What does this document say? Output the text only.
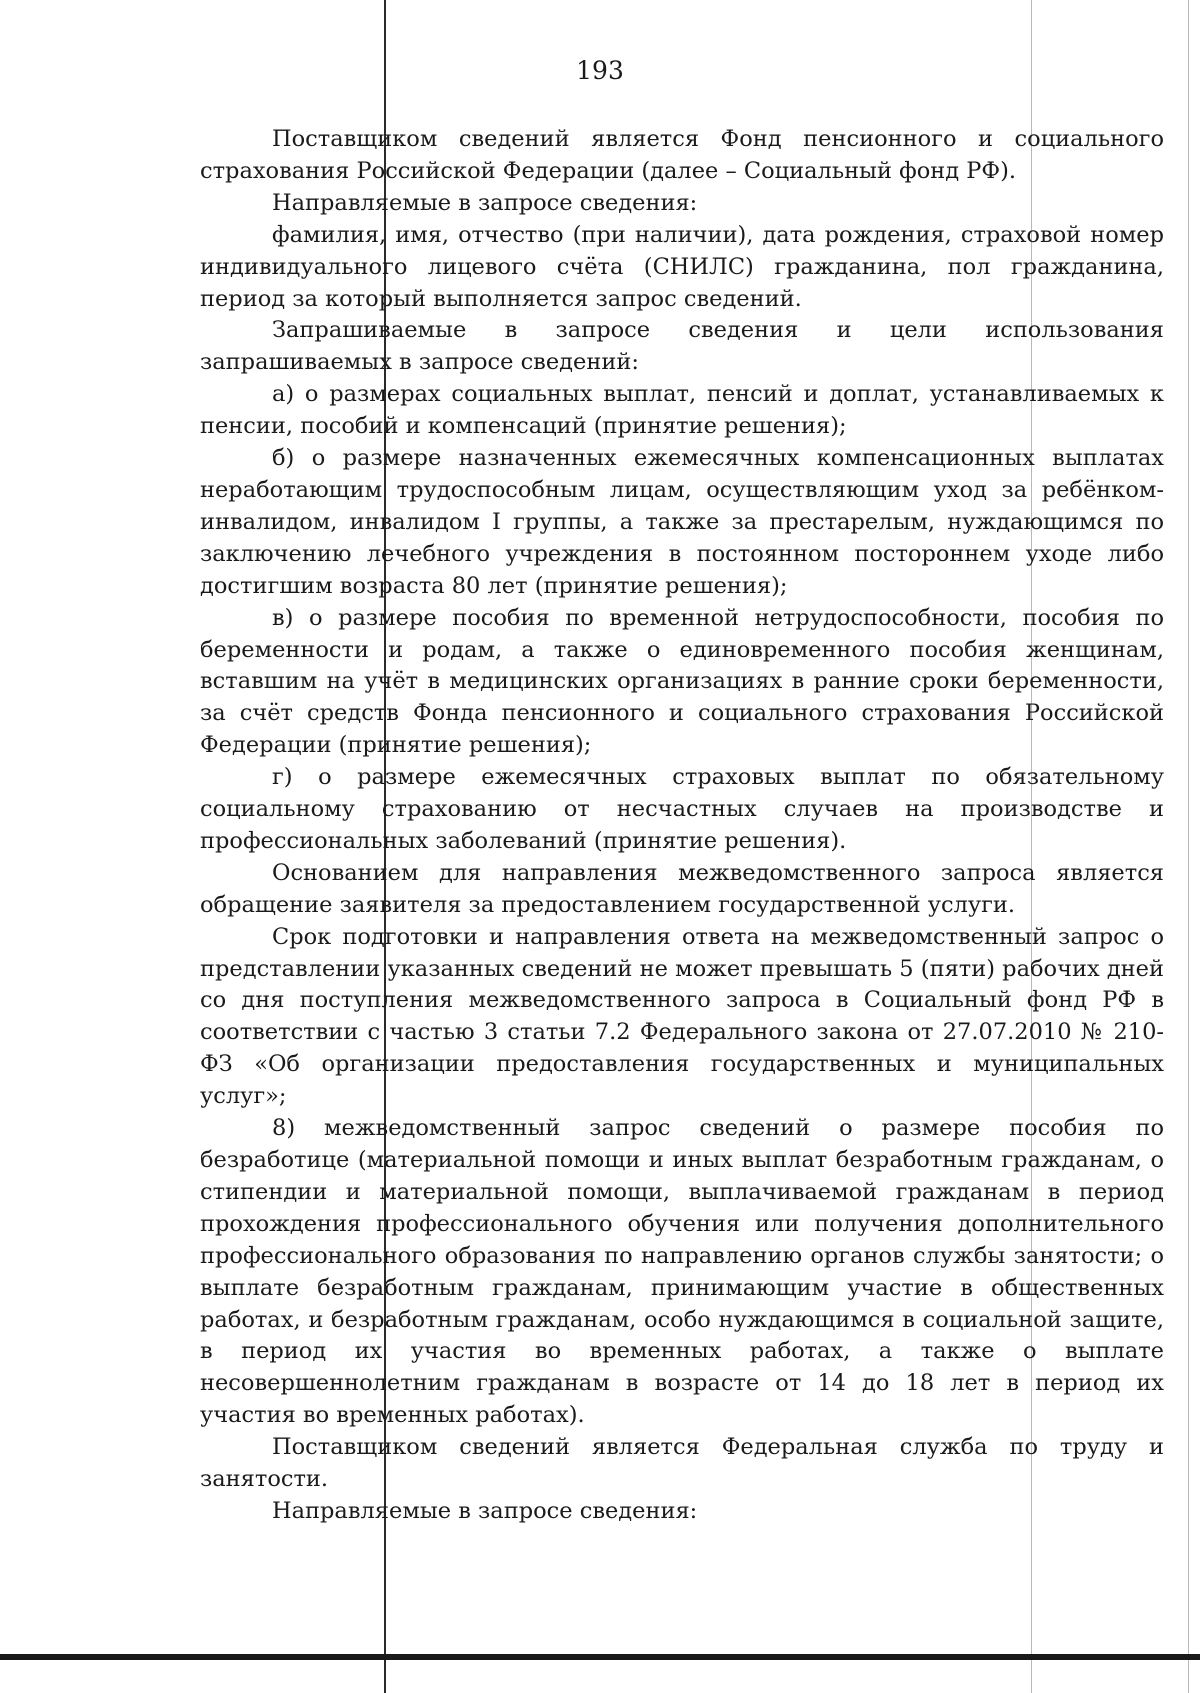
193

Поставщиком сведений является Фонд пенсионного и социального страхования Российской Федерации (далее – Социальный фонд РФ).

Направляемые в запросе сведения:

фамилия, имя, отчество (при наличии), дата рождения, страховой номер индивидуального лицевого счёта (СНИЛС) гражданина, пол гражданина, период за который выполняется запрос сведений.

Запрашиваемые в запросе сведения и цели использования запрашиваемых в запросе сведений:

а) о размерах социальных выплат, пенсий и доплат, устанавливаемых к пенсии, пособий и компенсаций (принятие решения);

б) о размере назначенных ежемесячных компенсационных выплатах неработающим трудоспособным лицам, осуществляющим уход за ребёнком-инвалидом, инвалидом I группы, а также за престарелым, нуждающимся по заключению лечебного учреждения в постоянном постороннем уходе либо достигшим возраста 80 лет (принятие решения);

в) о размере пособия по временной нетрудоспособности, пособия по беременности и родам, а также о единовременного пособия женщинам, вставшим на учёт в медицинских организациях в ранние сроки беременности, за счёт средств Фонда пенсионного и социального страхования Российской Федерации (принятие решения);

г) о размере ежемесячных страховых выплат по обязательному социальному страхованию от несчастных случаев на производстве и профессиональных заболеваний (принятие решения).

Основанием для направления межведомственного запроса является обращение заявителя за предоставлением государственной услуги.

Срок подготовки и направления ответа на межведомственный запрос о представлении указанных сведений не может превышать 5 (пяти) рабочих дней со дня поступления межведомственного запроса в Социальный фонд РФ в соответствии с частью 3 статьи 7.2 Федерального закона от 27.07.2010 № 210-ФЗ «Об организации предоставления государственных и муниципальных услуг»;

8) межведомственный запрос сведений о размере пособия по безработице (материальной помощи и иных выплат безработным гражданам, о стипендии и материальной помощи, выплачиваемой гражданам в период прохождения профессионального обучения или получения дополнительного профессионального образования по направлению органов службы занятости; о выплате безработным гражданам, принимающим участие в общественных работах, и безработным гражданам, особо нуждающимся в социальной защите, в период их участия во временных работах, а также о выплате несовершеннолетним гражданам в возрасте от 14 до 18 лет в период их участия во временных работах).

Поставщиком сведений является Федеральная служба по труду и занятости.

Направляемые в запросе сведения:
